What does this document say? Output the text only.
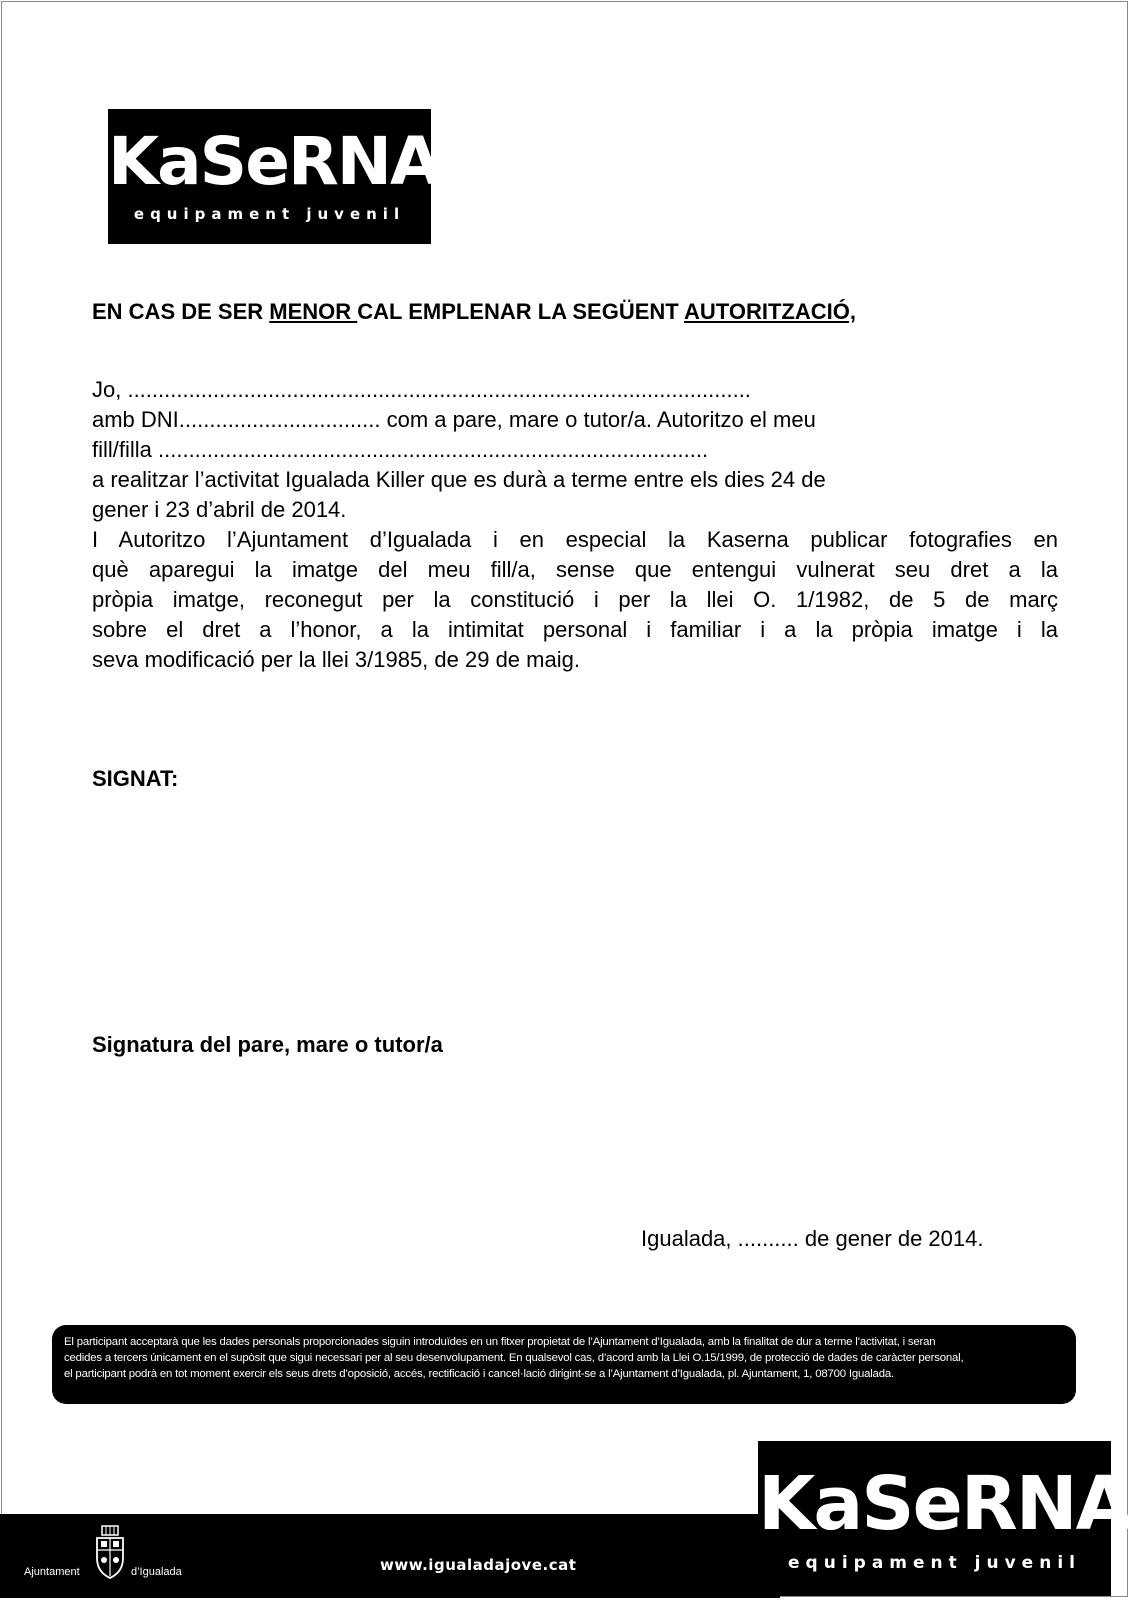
KaSeRNA
equipament juvenil
EN CAS DE SER MENOR CAL EMPLENAR LA SEGÜENT AUTORITZACIÓ,
Jo, ......................................................................................................
amb DNI................................. com a pare, mare o tutor/a. Autoritzo el meu
fill/filla ..........................................................................................
a realitzar l’activitat Igualada Killer que es durà a terme entre els dies 24 de
gener i 23 d’abril de 2014.
I Autoritzo l’Ajuntament d’Igualada i en especial la Kaserna publicar fotografies en
què aparegui la imatge del meu fill/a, sense que entengui vulnerat seu dret a la
pròpia imatge, reconegut per la constitució i per la llei O. 1/1982, de 5 de març
sobre el dret a l’honor, a la intimitat personal i familiar i a la pròpia imatge i la
seva modificació per la llei 3/1985, de 29 de maig.
SIGNAT:
Signatura del pare, mare o tutor/a
Igualada, .......... de gener de 2014.
El participant acceptarà que les dades personals proporcionades siguin introduïdes en un fitxer propietat de l’Ajuntament d’Igualada, amb la finalitat de dur a terme l’activitat, i seran
cedides a tercers únicament en el supòsit que sigui necessari per al seu desenvolupament. En qualsevol cas, d’acord amb la Llei O.15/1999, de protecció de dades de caràcter personal,
el participant podrà en tot moment exercir els seus drets d’oposició, accés, rectificació i cancel·lació dirigint-se a l’Ajuntament d’Igualada, pl. Ajuntament, 1, 08700 Igualada.
Ajuntament	d’Igualada	www.igualadajove.cat
KaSeRNA
equipament juvenil
